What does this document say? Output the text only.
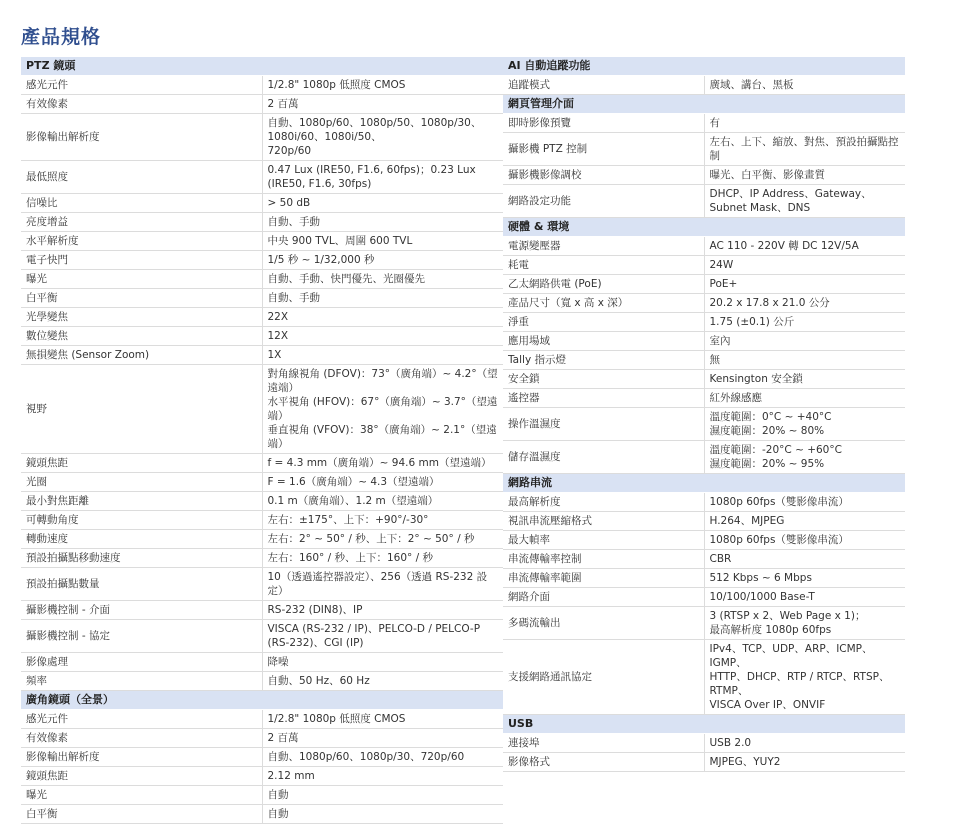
產品規格
PTZ 鏡頭	
感光元件	1/2.8" 1080p 低照度 CMOS

有效像素	2 百萬

影像輸出解析度	自動、1080p/60、1080p/50、1080p/30、1080i/60、1080i/50、
720p/60

最低照度	0.47 Lux (IRE50, F1.6, 60fps)；0.23 Lux (IRE50, F1.6, 30fps)

信噪比	> 50 dB

亮度增益	自動、手動

水平解析度	中央 900 TVL、周圍 600 TVL

電子快門	1/5 秒 ~ 1/32,000 秒

曝光	自動、手動、快門優先、光圈優先

白平衡	自動、手動

光學變焦	22X

數位變焦	12X

無損變焦 (Sensor Zoom)	1X

視野	對角線視角 (DFOV)：73°（廣角端）~ 4.2°（望遠端）
水平視角 (HFOV)：67°（廣角端）~ 3.7°（望遠端）
垂直視角 (VFOV)：38°（廣角端）~ 2.1°（望遠端）

鏡頭焦距	f = 4.3 mm（廣角端）~ 94.6 mm（望遠端）

光圈	F = 1.6（廣角端）~ 4.3（望遠端）

最小對焦距離	0.1 m（廣角端）、1.2 m（望遠端）

可轉動角度	左右：±175°、上下：+90°/-30°

轉動速度	左右：2° ~ 50° / 秒、上下：2° ~ 50° / 秒

預設拍攝點移動速度	左右：160° / 秒、上下：160° / 秒

預設拍攝點數量	10（透過遙控器設定）、256（透過 RS-232 設定）

攝影機控制 - 介面	RS-232 (DIN8)、IP

攝影機控制 - 協定	VISCA (RS-232 / IP)、PELCO-D / PELCO-P (RS-232)、CGI (IP)

影像處理	降噪

頻率	自動、50 Hz、60 Hz

廣角鏡頭（全景）	
感光元件	1/2.8" 1080p 低照度 CMOS

有效像素	2 百萬

影像輸出解析度	自動、1080p/60、1080p/30、720p/60

鏡頭焦距	2.12 mm

曝光	自動

白平衡	自動
AI 自動追蹤功能	
追蹤模式	廣域、講台、黑板

網頁管理介面	
即時影像預覽	有

攝影機 PTZ 控制	左右、上下、縮放、對焦、預設拍攝點控制

攝影機影像調校	曝光、白平衡、影像畫質

網路設定功能	DHCP、IP Address、Gateway、Subnet Mask、DNS

硬體 & 環境	
電源變壓器	AC 110 - 220V 轉 DC 12V/5A

耗電	24W

乙太網路供電 (PoE)	PoE+

產品尺寸（寬 x 高 x 深）	20.2 x 17.8 x 21.0 公分

淨重	1.75 (±0.1) 公斤

應用場域	室內

Tally 指示燈	無

安全鎖	Kensington 安全鎖

遙控器	紅外線感應

操作溫濕度	溫度範圍：0°C ~ +40°C
濕度範圍：20% ~ 80%

儲存溫濕度	溫度範圍：-20°C ~ +60°C
濕度範圍：20% ~ 95%

網路串流	
最高解析度	1080p 60fps（雙影像串流）

視訊串流壓縮格式	H.264、MJPEG

最大幀率	1080p 60fps（雙影像串流）

串流傳輸率控制	CBR

串流傳輸率範圍	512 Kbps ~ 6 Mbps

網路介面	10/100/1000 Base-T

多碼流輸出	3 (RTSP x 2、Web Page x 1)；
最高解析度 1080p 60fps

支援網路通訊協定	IPv4、TCP、UDP、ARP、ICMP、IGMP、
HTTP、DHCP、RTP / RTCP、RTSP、RTMP、
VISCA Over IP、ONVIF

USB	
連接埠	USB 2.0

影像格式	MJPEG、YUY2
